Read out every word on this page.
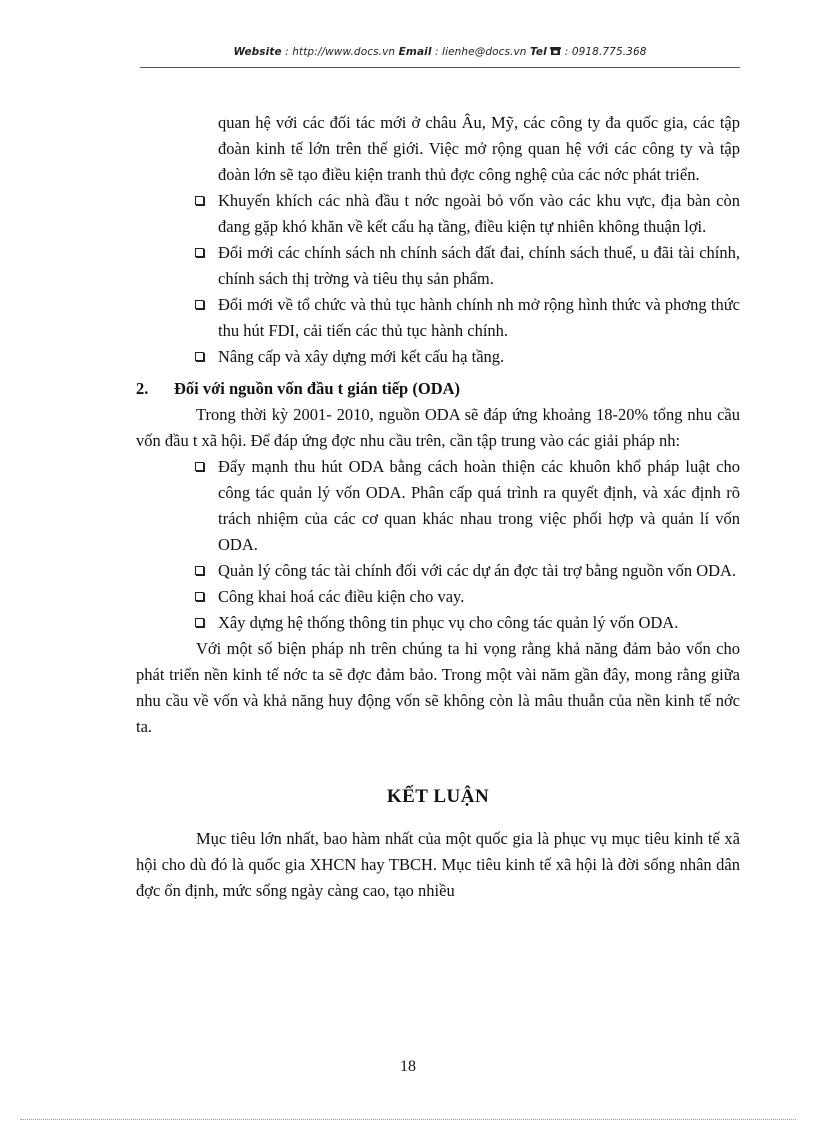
Website : http://www.docs.vn Email : lienhe@docs.vn Tel : 0918.775.368
quan hệ với các đối tác mới ở châu Âu, Mỹ, các công ty đa quốc gia, các tập đoàn kinh tế lớn trên thế giới. Việc mở rộng quan hệ với các công ty và tập đoàn lớn sẽ tạo điều kiện tranh thủ đợc công nghệ của các nớc phát triển.
Khuyến khích các nhà đầu t nớc ngoài bỏ vốn vào các khu vực, địa bàn còn đang gặp khó khăn về kết cấu hạ tầng, điều kiện tự nhiên không thuận lợi.
Đổi mới các chính sách nh chính sách đất đai, chính sách thuế, u đãi tài chính, chính sách thị trờng và tiêu thụ sản phẩm.
Đổi mới về tổ chức và thủ tục hành chính nh mở rộng hình thức và phơng thức thu hút FDI, cải tiến các thủ tục hành chính.
Nâng cấp và xây dựng mới kết cấu hạ tầng.
2.	Đối với nguồn vốn đầu t gián tiếp (ODA)
Trong thời kỳ 2001- 2010, nguồn ODA sẽ đáp ứng khoảng 18-20% tổng nhu cầu vốn đầu t xã hội. Để đáp ứng đợc nhu cầu trên, cần tập trung vào các giải pháp nh:
Đẩy mạnh thu hút ODA bằng cách hoàn thiện các khuôn khổ pháp luật cho công tác quản lý vốn ODA. Phân cấp quá trình ra quyết định, và xác định rõ trách nhiệm của các cơ quan khác nhau trong việc phối hợp và quản lí vốn ODA.
Quản lý công tác tài chính đối với các dự án đợc tài trợ bằng nguồn vốn ODA.
Công khai hoá các điều kiện cho vay.
Xây dựng hệ thống thông tin phục vụ cho công tác quản lý vốn ODA.
Với một số biện pháp nh trên chúng ta hi vọng rằng khả năng đảm bảo vốn cho phát triển nền kinh tế nớc ta sẽ đợc đảm bảo. Trong một vài năm gần đây, mong rằng giữa nhu cầu về vốn và khả năng huy động vốn sẽ không còn là mâu thuẫn của nền kinh tế nớc ta.
KẾT LUẬN
Mục tiêu lớn nhất, bao hàm nhất của một quốc gia là phục vụ mục tiêu kinh tế xã hội cho dù đó là quốc gia XHCN hay TBCH. Mục tiêu kinh tế xã hội là đời sống nhân dân đợc ổn định, mức sống ngày càng cao, tạo nhiều
18
